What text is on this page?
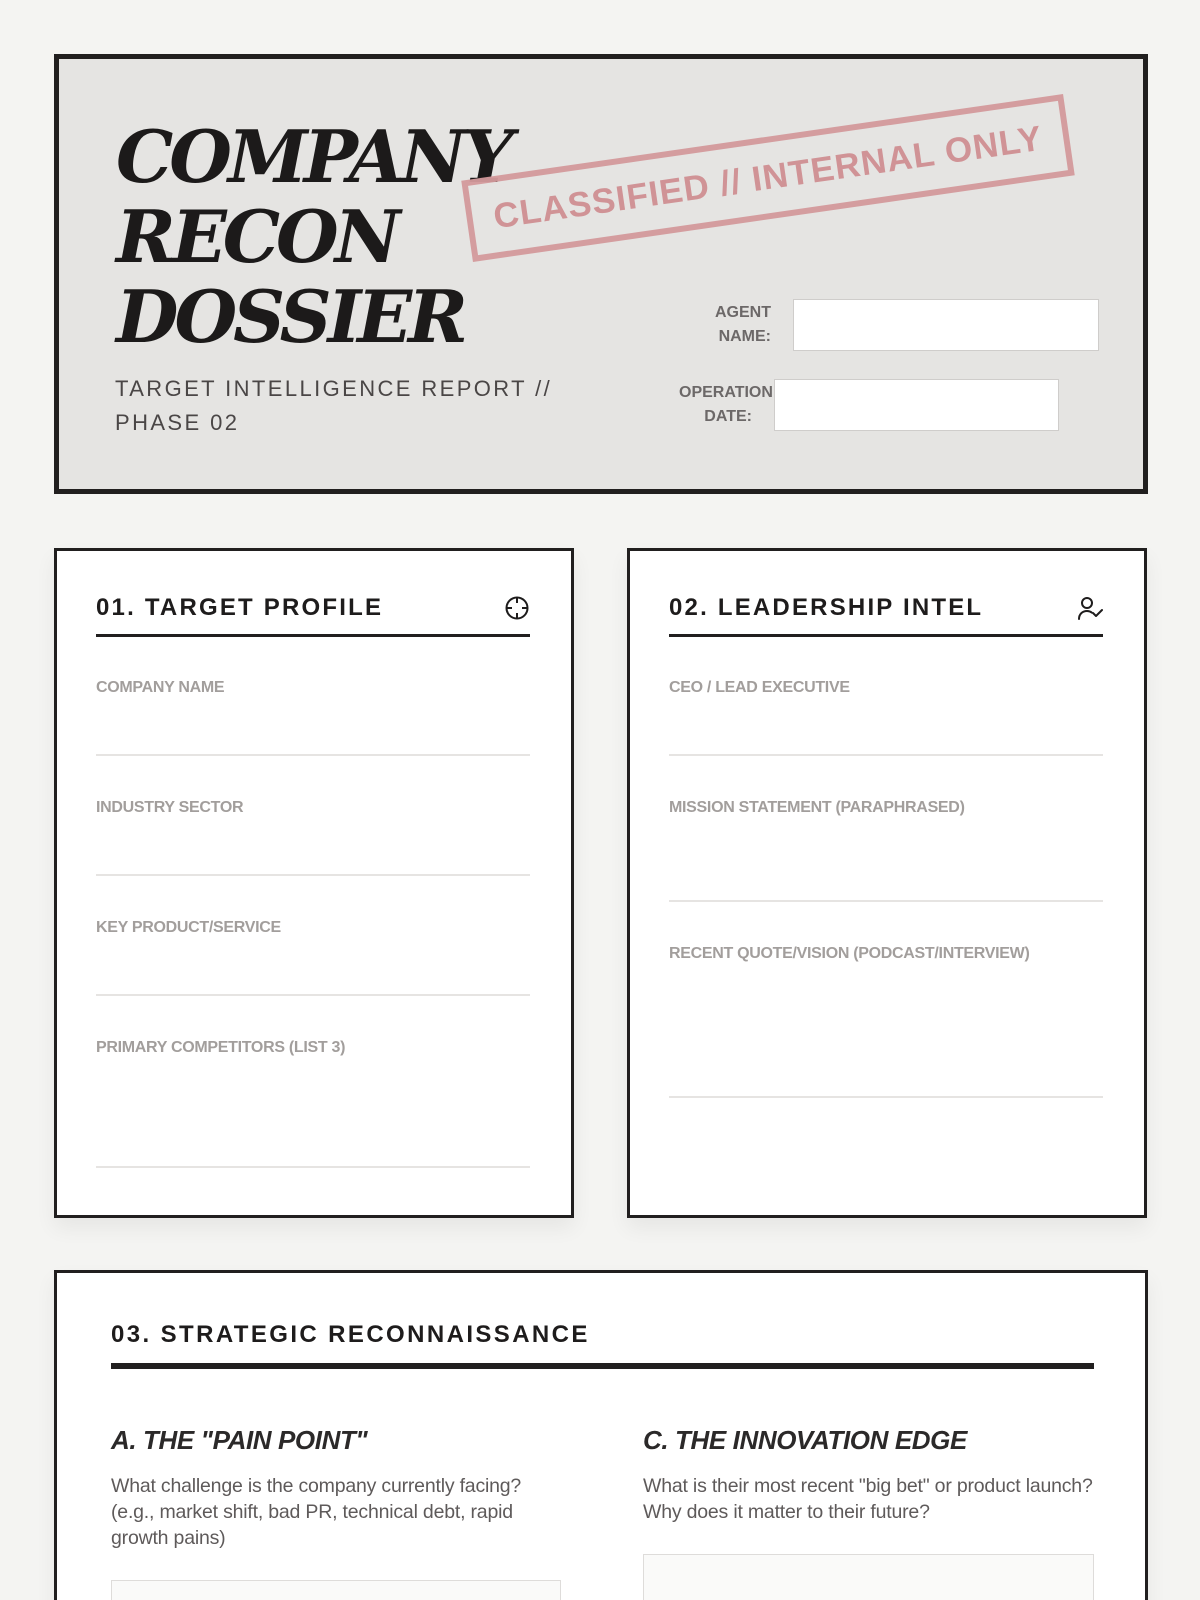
COMPANY
RECON
DOSSIER
TARGET INTELLIGENCE REPORT // PHASE 02
CLASSIFIED // INTERNAL ONLY
AGENT
NAME:
OPERATION
DATE:
01. TARGET PROFILE
COMPANY NAME
INDUSTRY SECTOR
KEY PRODUCT/SERVICE
PRIMARY COMPETITORS (LIST 3)
02. LEADERSHIP INTEL
CEO / LEAD EXECUTIVE
MISSION STATEMENT (PARAPHRASED)
RECENT QUOTE/VISION (PODCAST/INTERVIEW)
03. STRATEGIC RECONNAISSANCE
A. THE "PAIN POINT"

What challenge is the company currently facing? (e.g., market shift, bad PR, technical debt, rapid growth pains)

C. THE INNOVATION EDGE

What is their most recent "big bet" or product launch? Why does it matter to their future?
